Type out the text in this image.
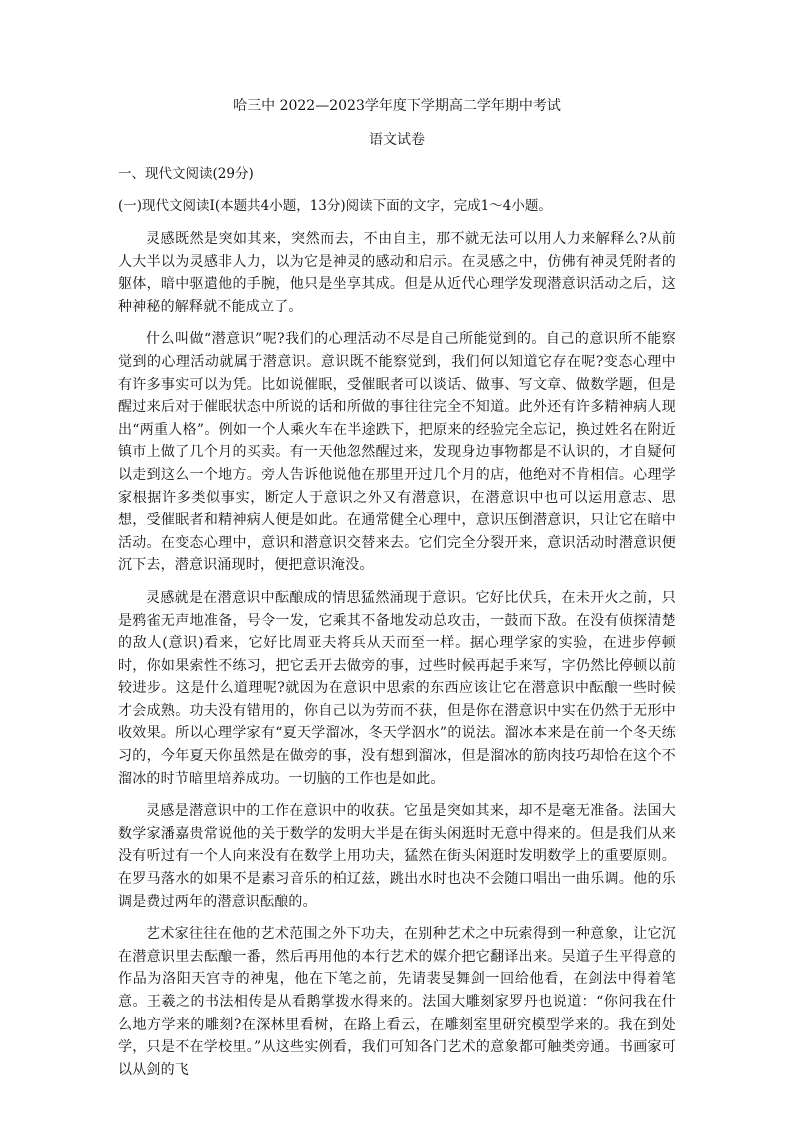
哈三中 2022—2023学年度下学期高二学年期中考试
语文试卷
一、现代文阅读(29分)
(一)现代文阅读Ⅰ(本题共4小题，13分)阅读下面的文字，完成1～4小题。

灵感既然是突如其来，突然而去，不由自主，那不就无法可以用人力来解释么?从前人大半以为灵感非人力，以为它是神灵的感动和启示。在灵感之中，仿佛有神灵凭附者的躯体，暗中驱遣他的手腕，他只是坐享其成。但是从近代心理学发现潜意识活动之后，这种神秘的解释就不能成立了。

什么叫做“潜意识”呢?我们的心理活动不尽是自己所能觉到的。自己的意识所不能察觉到的心理活动就属于潜意识。意识既不能察觉到，我们何以知道它存在呢?变态心理中有许多事实可以为凭。比如说催眠，受催眠者可以谈话、做事、写文章、做数学题，但是醒过来后对于催眠状态中所说的话和所做的事往往完全不知道。此外还有许多精神病人现出“两重人格”。例如一个人乘火车在半途跌下，把原来的经验完全忘记，换过姓名在附近镇市上做了几个月的买卖。有一天他忽然醒过来，发现身边事物都是不认识的，才自疑何以走到这么一个地方。旁人告诉他说他在那里开过几个月的店，他绝对不肯相信。心理学家根据许多类似事实，断定人于意识之外又有潜意识，在潜意识中也可以运用意志、思想，受催眠者和精神病人便是如此。在通常健全心理中，意识压倒潜意识，只让它在暗中活动。在变态心理中，意识和潜意识交替来去。它们完全分裂开来，意识活动时潜意识便沉下去，潜意识涌现时，便把意识淹没。

灵感就是在潜意识中酝酿成的情思猛然涌现于意识。它好比伏兵，在未开火之前，只是鸦雀无声地准备，号令一发，它乘其不备地发动总攻击，一鼓而下敌。在没有侦探清楚的敌人(意识)看来，它好比周亚夫将兵从天而至一样。据心理学家的实验，在进步停顿时，你如果索性不练习，把它丢开去做旁的事，过些时候再起手来写，字仍然比停顿以前较进步。这是什么道理呢?就因为在意识中思索的东西应该让它在潜意识中酝酿一些时候才会成熟。功夫没有错用的，你自己以为劳而不获，但是你在潜意识中实在仍然于无形中收效果。所以心理学家有“夏天学溜冰，冬天学泅水”的说法。溜冰本来是在前一个冬天练习的，今年夏天你虽然是在做旁的事，没有想到溜冰，但是溜冰的筋肉技巧却恰在这个不溜冰的时节暗里培养成功。一切脑的工作也是如此。

灵感是潜意识中的工作在意识中的收获。它虽是突如其来，却不是毫无准备。法国大数学家潘嘉贵常说他的关于数学的发明大半是在街头闲逛时无意中得来的。但是我们从来没有听过有一个人向来没有在数学上用功夫，猛然在街头闲逛时发明数学上的重要原则。在罗马落水的如果不是素习音乐的柏辽兹，跳出水时也决不会随口唱出一曲乐调。他的乐调是费过两年的潜意识酝酿的。

艺术家往往在他的艺术范围之外下功夫，在别种艺术之中玩索得到一种意象，让它沉在潜意识里去酝酿一番，然后再用他的本行艺术的媒介把它翻译出来。吴道子生平得意的作品为洛阳天宫寺的神鬼，他在下笔之前，先请裴旻舞剑一回给他看，在剑法中得着笔意。王羲之的书法相传是从看鹅掌拨水得来的。法国大雕刻家罗丹也说道：“你问我在什么地方学来的雕刻?在深林里看树，在路上看云，在雕刻室里研究模型学来的。我在到处学，只是不在学校里。”从这些实例看，我们可知各门艺术的意象都可触类旁通。书画家可以从剑的飞
